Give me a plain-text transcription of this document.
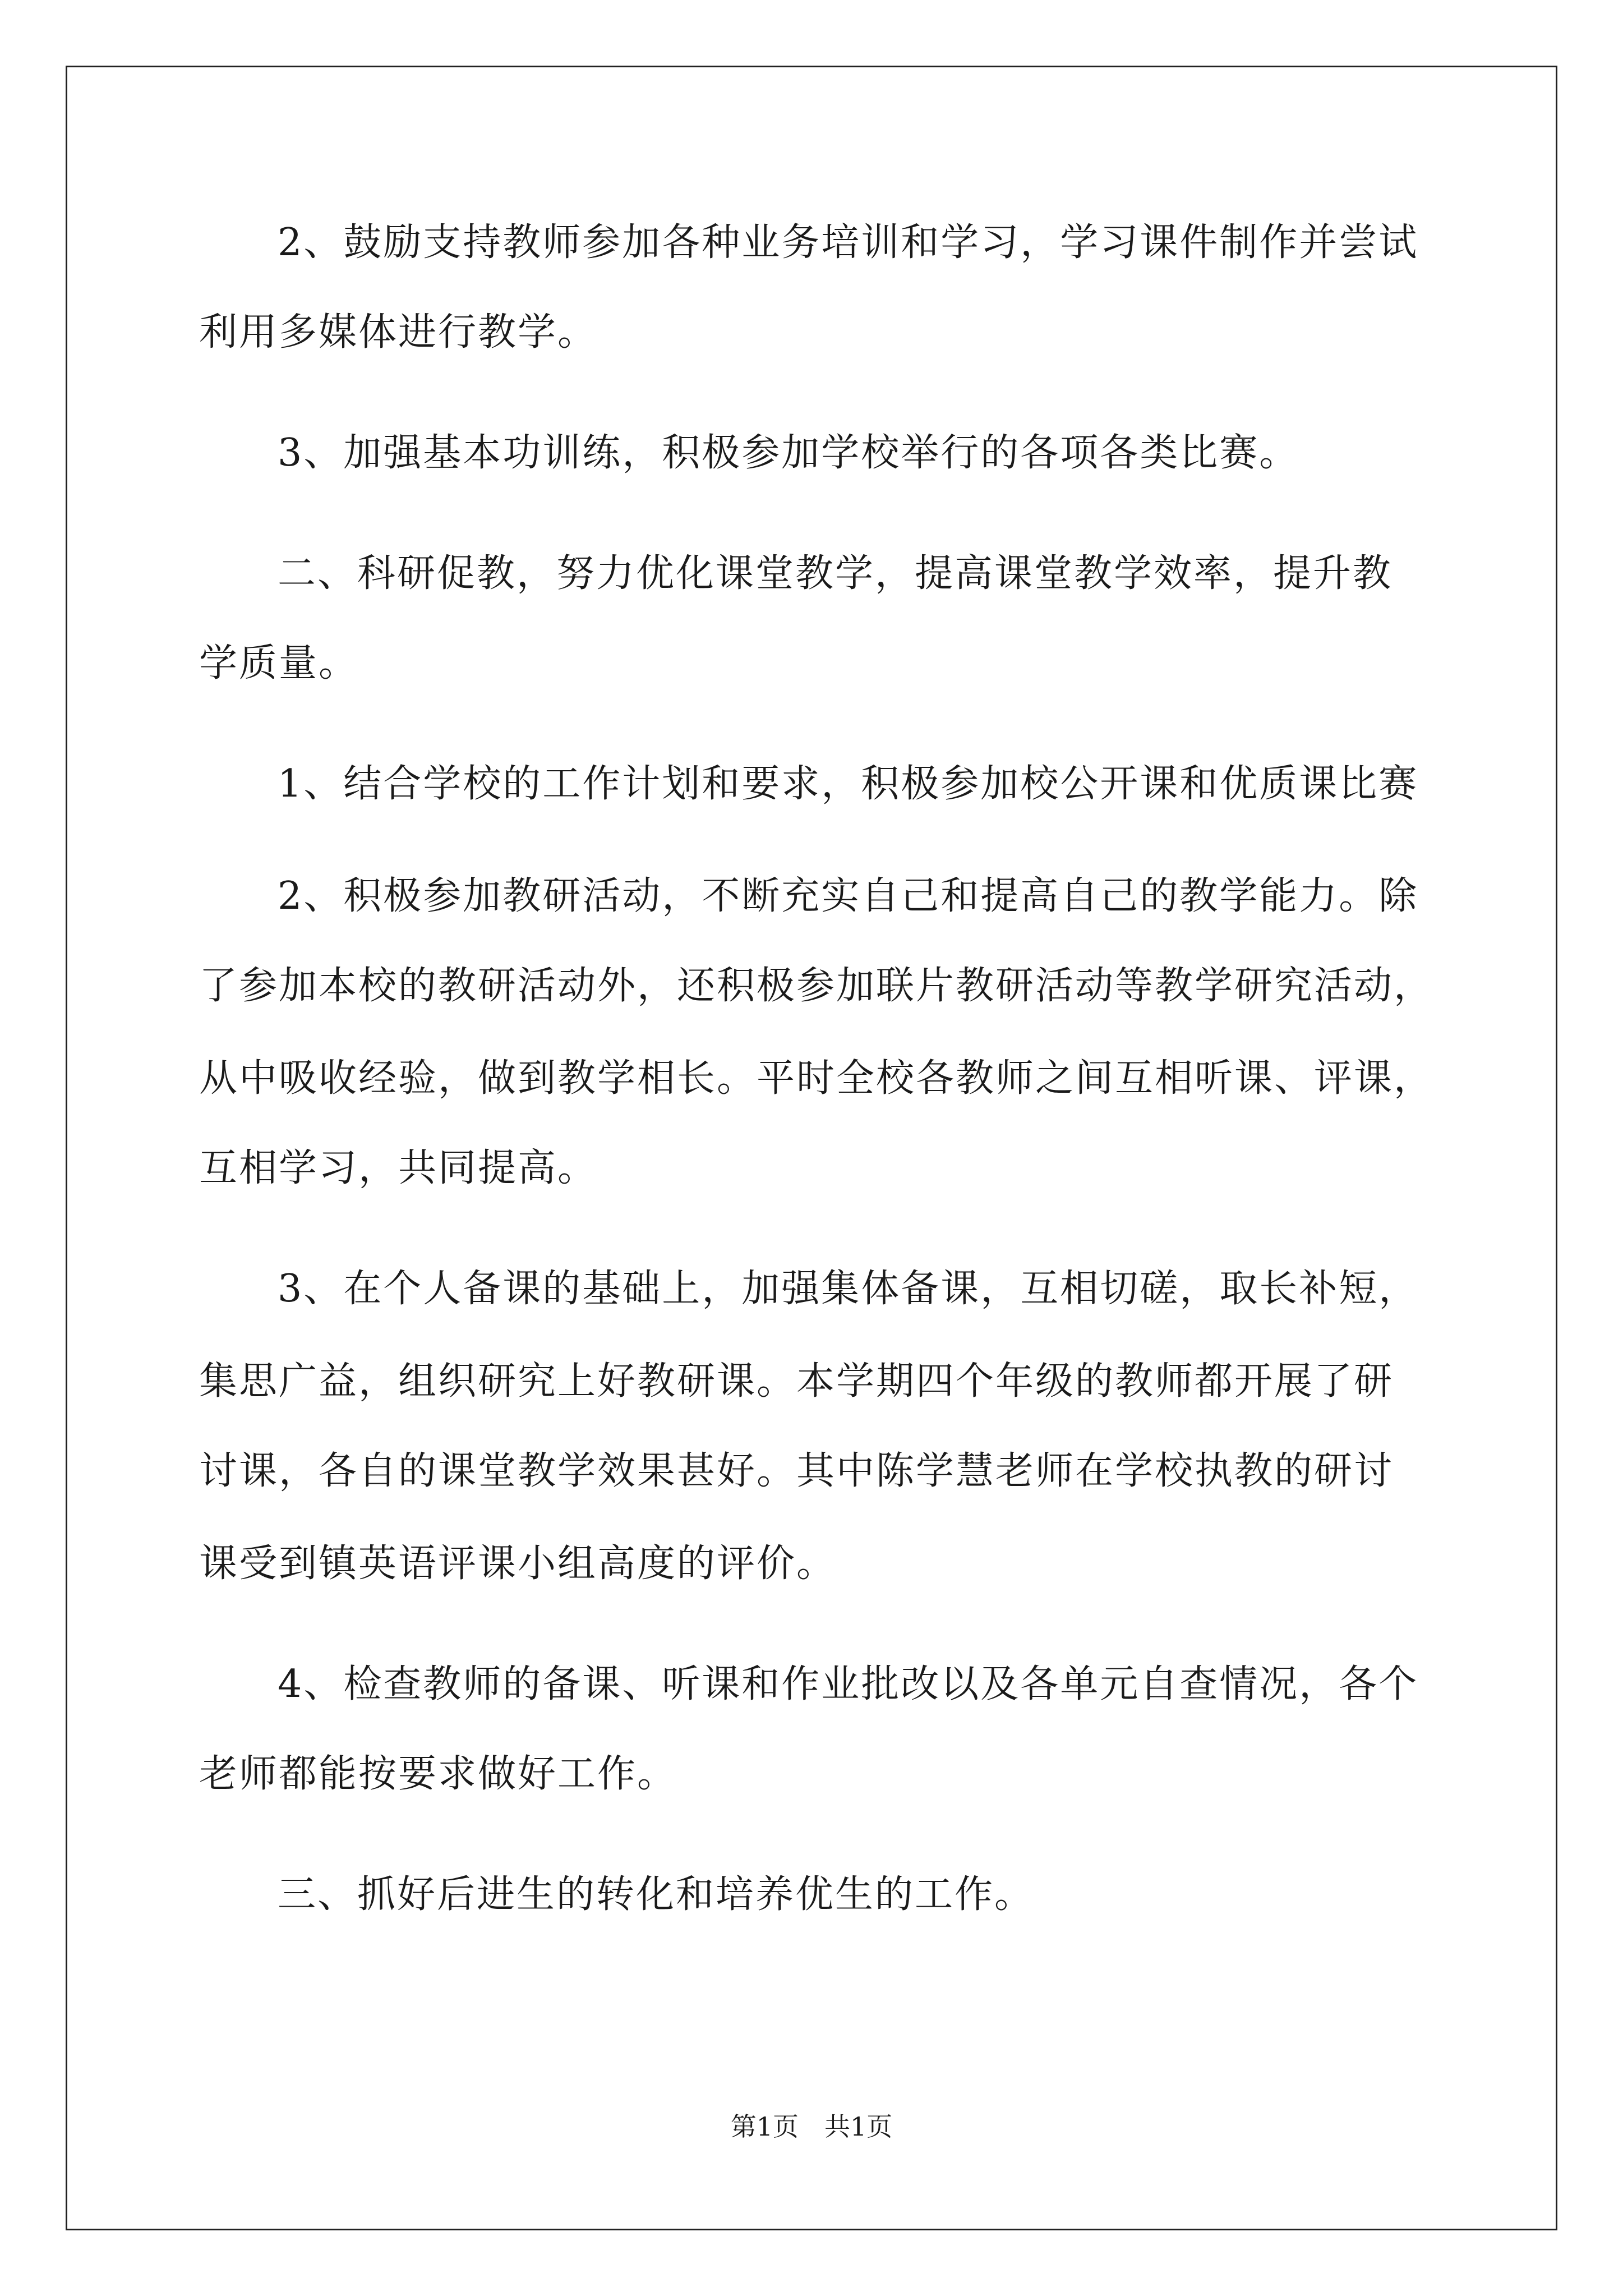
2、鼓励支持教师参加各种业务培训和学习，学习课件制作并尝试
利用多媒体进行教学。
3、加强基本功训练，积极参加学校举行的各项各类比赛。
二、科研促教，努力优化课堂教学，提高课堂教学效率，提升教
学质量。
1、结合学校的工作计划和要求，积极参加校公开课和优质课比赛
2、积极参加教研活动，不断充实自己和提高自己的教学能力。除
了参加本校的教研活动外，还积极参加联片教研活动等教学研究活动，
从中吸收经验，做到教学相长。平时全校各教师之间互相听课、评课，
互相学习，共同提高。
3、在个人备课的基础上，加强集体备课，互相切磋，取长补短，
集思广益，组织研究上好教研课。本学期四个年级的教师都开展了研
讨课，各自的课堂教学效果甚好。其中陈学慧老师在学校执教的研讨
课受到镇英语评课小组高度的评价。
4、检查教师的备课、听课和作业批改以及各单元自查情况，各个
老师都能按要求做好工作。
三、抓好后进生的转化和培养优生的工作。
第1页　共1页
